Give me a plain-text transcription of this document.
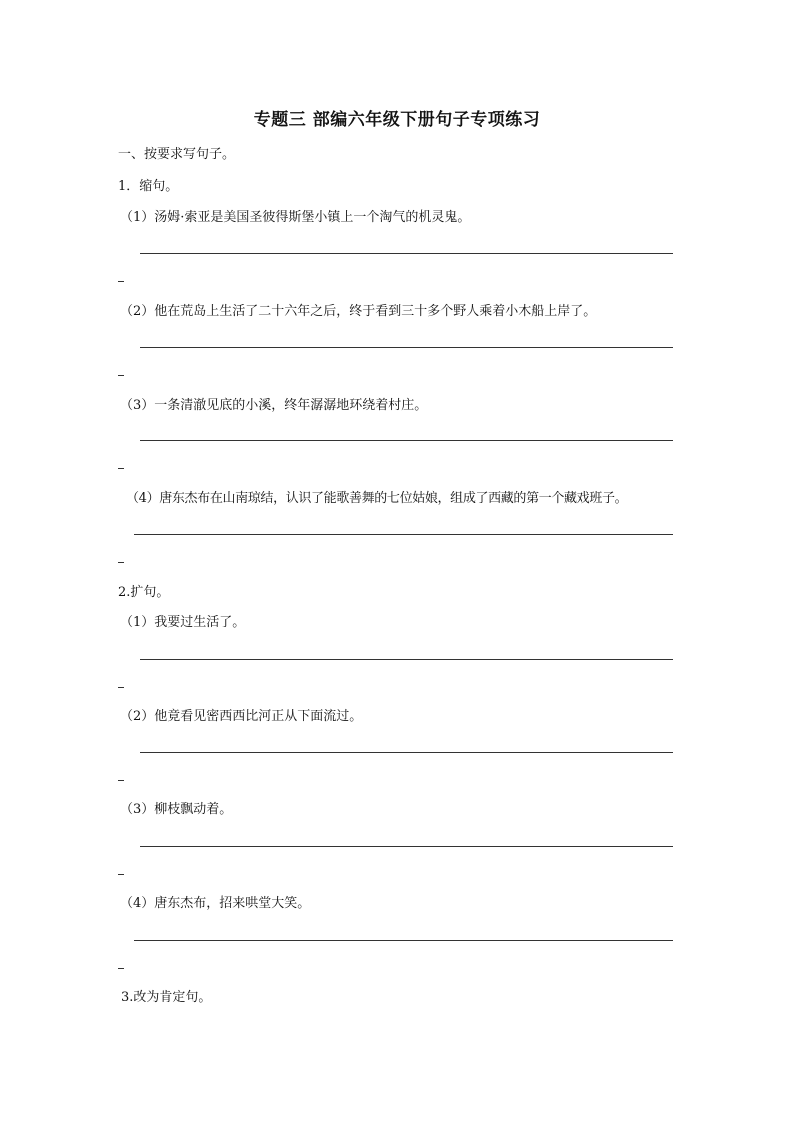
专题三 部编六年级下册句子专项练习
一、按要求写句子。
1．缩句。
（1）汤姆·索亚是美国圣彼得斯堡小镇上一个淘气的机灵鬼。
（2）他在荒岛上生活了二十六年之后，终于看到三十多个野人乘着小木船上岸了。
（3）一条清澈见底的小溪，终年潺潺地环绕着村庄。
（4）唐东杰布在山南琼结，认识了能歌善舞的七位姑娘，组成了西藏的第一个藏戏班子。
2.扩句。
（1）我要过生活了。
（2）他竟看见密西西比河正从下面流过。
（3）柳枝飘动着。
（4）唐东杰布，招来哄堂大笑。
3.改为肯定句。
